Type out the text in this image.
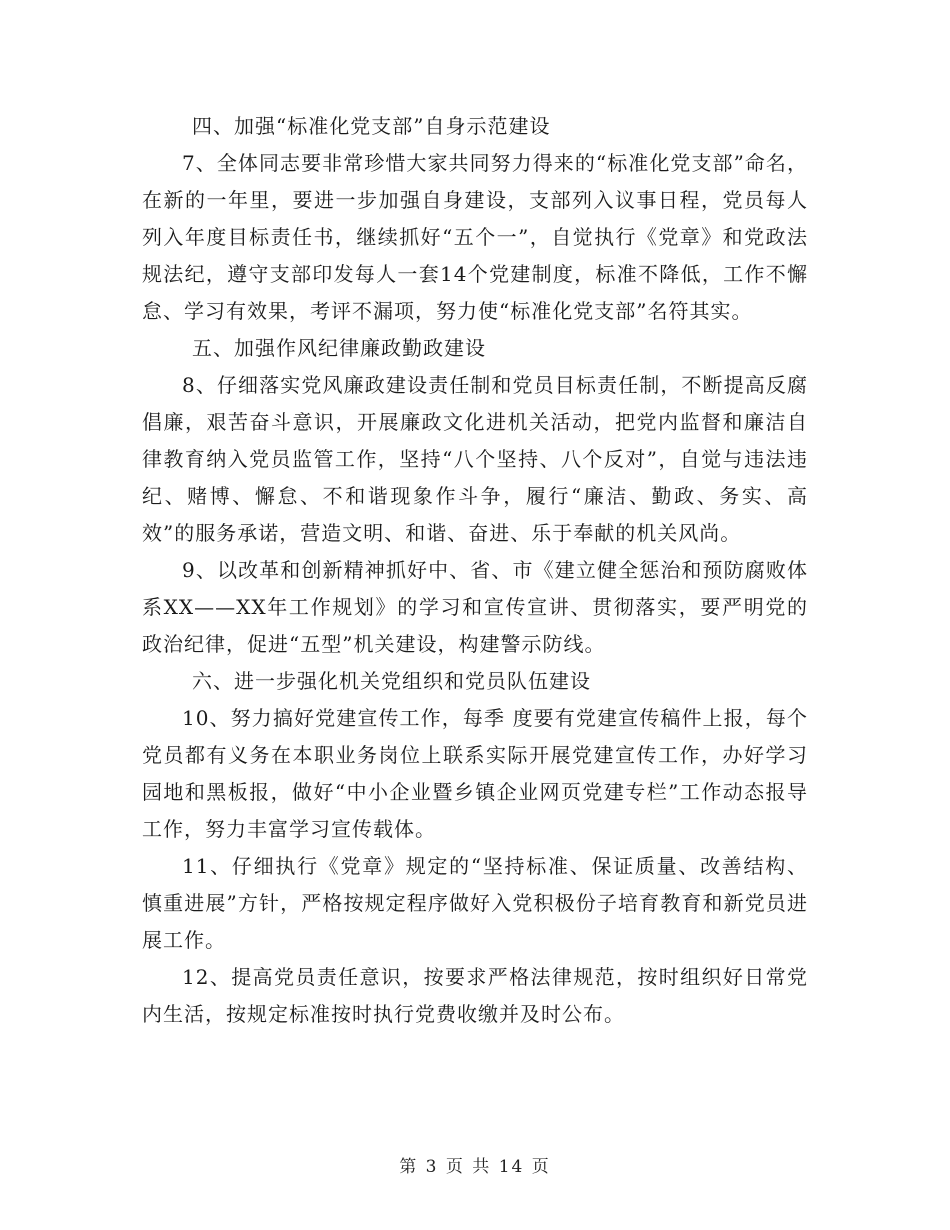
四、加强“标准化党支部”自身示范建设

7、全体同志要非常珍惜大家共同努力得来的“标准化党支部”命名，在新的一年里，要进一步加强自身建设，支部列入议事日程，党员每人列入年度目标责任书，继续抓好“五个一”，自觉执行《党章》和党政法规法纪，遵守支部印发每人一套14个党建制度，标准不降低，工作不懈怠、学习有效果，考评不漏项，努力使“标准化党支部”名符其实。

五、加强作风纪律廉政勤政建设

8、仔细落实党风廉政建设责任制和党员目标责任制，不断提高反腐倡廉，艰苦奋斗意识，开展廉政文化进机关活动，把党内监督和廉洁自律教育纳入党员监管工作，坚持“八个坚持、八个反对”，自觉与违法违纪、赌博、懈怠、不和谐现象作斗争，履行“廉洁、勤政、务实、高效”的服务承诺，营造文明、和谐、奋进、乐于奉献的机关风尚。

9、以改革和创新精神抓好中、省、市《建立健全惩治和预防腐败体系XX——XX年工作规划》的学习和宣传宣讲、贯彻落实，要严明党的政治纪律，促进“五型”机关建设，构建警示防线。

六、进一步强化机关党组织和党员队伍建设

10、努力搞好党建宣传工作，每季 度要有党建宣传稿件上报，每个党员都有义务在本职业务岗位上联系实际开展党建宣传工作，办好学习园地和黑板报，做好“中小企业暨乡镇企业网页党建专栏”工作动态报导工作，努力丰富学习宣传载体。

11、仔细执行《党章》规定的“坚持标准、保证质量、改善结构、慎重进展”方针，严格按规定程序做好入党积极份子培育教育和新党员进展工作。

12、提高党员责任意识，按要求严格法律规范，按时组织好日常党内生活，按规定标准按时执行党费收缴并及时公布。

第 3 页 共 14 页
